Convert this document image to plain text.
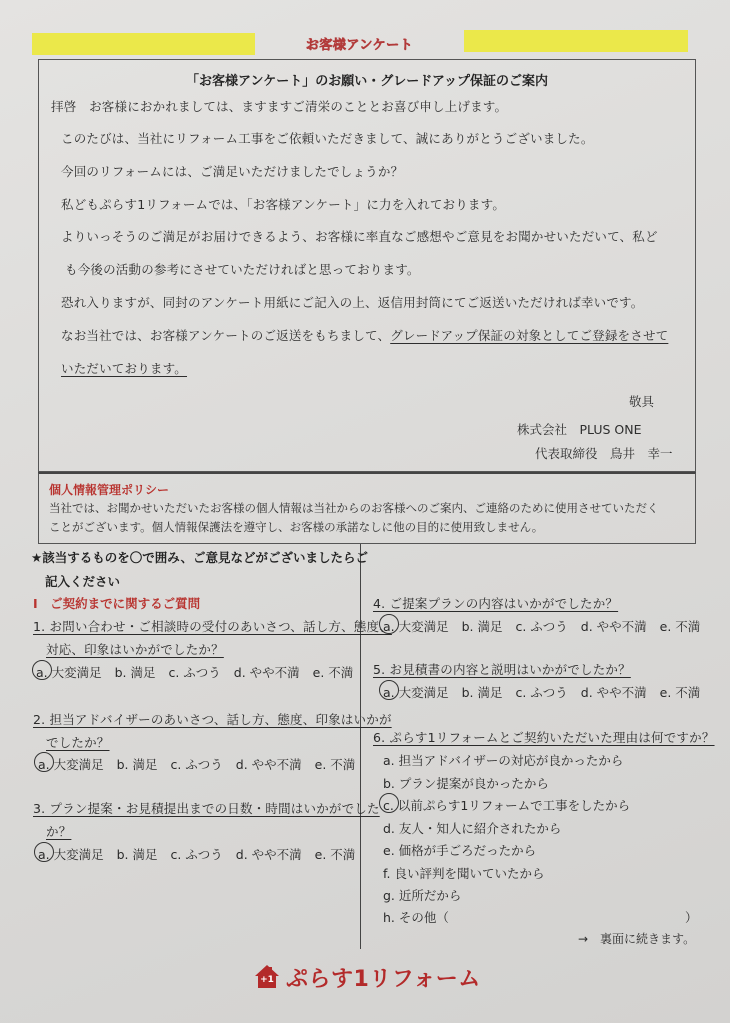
お客様アンケート
「お客様アンケート」のお願い・グレードアップ保証のご案内
拝啓　お客様におかれましては、ますますご清栄のこととお喜び申し上げます。
このたびは、当社にリフォーム工事をご依頼いただきまして、誠にありがとうございました。
今回のリフォームには、ご満足いただけましたでしょうか？
私どもぷらす1リフォームでは、「お客様アンケート」に力を入れております。
よりいっそうのご満足がお届けできるよう、お客様に率直なご感想やご意見をお聞かせいただいて、私ど
も今後の活動の参考にさせていただければと思っております。
恐れ入りますが、同封のアンケート用紙にご記入の上、返信用封筒にてご返送いただければ幸いです。
なお当社では、お客様アンケートのご返送をもちまして、グレードアップ保証の対象としてご登録をさせて
いただいております。
敬具
株式会社　PLUS ONE
代表取締役　鳥井　幸一
個人情報管理ポリシー
当社では、お聞かせいただいたお客様の個人情報は当社からのお客様へのご案内、ご連絡のために使用させていただく
ことがございます。個人情報保護法を遵守し、お客様の承諾なしに他の目的に使用致しません。
★該当するものを〇で囲み、ご意見などがございましたらご
記入ください
Ⅰ　ご契約までに関するご質問
1. お問い合わせ・ご相談時の受付のあいさつ、話し方、態度、
対応、印象はいかがでしたか？
a. 大変満足 b. 満足 c. ふつう d. やや不満 e. 不満
2. 担当アドバイザーのあいさつ、話し方、態度、印象はいかが
でしたか？
a. 大変満足 b. 満足 c. ふつう d. やや不満 e. 不満
3. プラン提案・お見積提出までの日数・時間はいかがでした
か？
a. 大変満足 b. 満足 c. ふつう d. やや不満 e. 不満
4. ご提案プランの内容はいかがでしたか？
a. 大変満足 b. 満足 c. ふつう d. やや不満 e. 不満
5. お見積書の内容と説明はいかがでしたか？
a. 大変満足 b. 満足 c. ふつう d. やや不満 e. 不満
6. ぷらす1リフォームとご契約いただいた理由は何ですか？
a. 担当アドバイザーの対応が良かったから
b. プラン提案が良かったから
c. 以前ぷらす1リフォームで工事をしたから
d. 友人・知人に紹介されたから
e. 価格が手ごろだったから
f. 良い評判を聞いていたから
g. 近所だから
h. その他（	）
→　裏面に続きます。
+1 ぷらす1リフォーム
